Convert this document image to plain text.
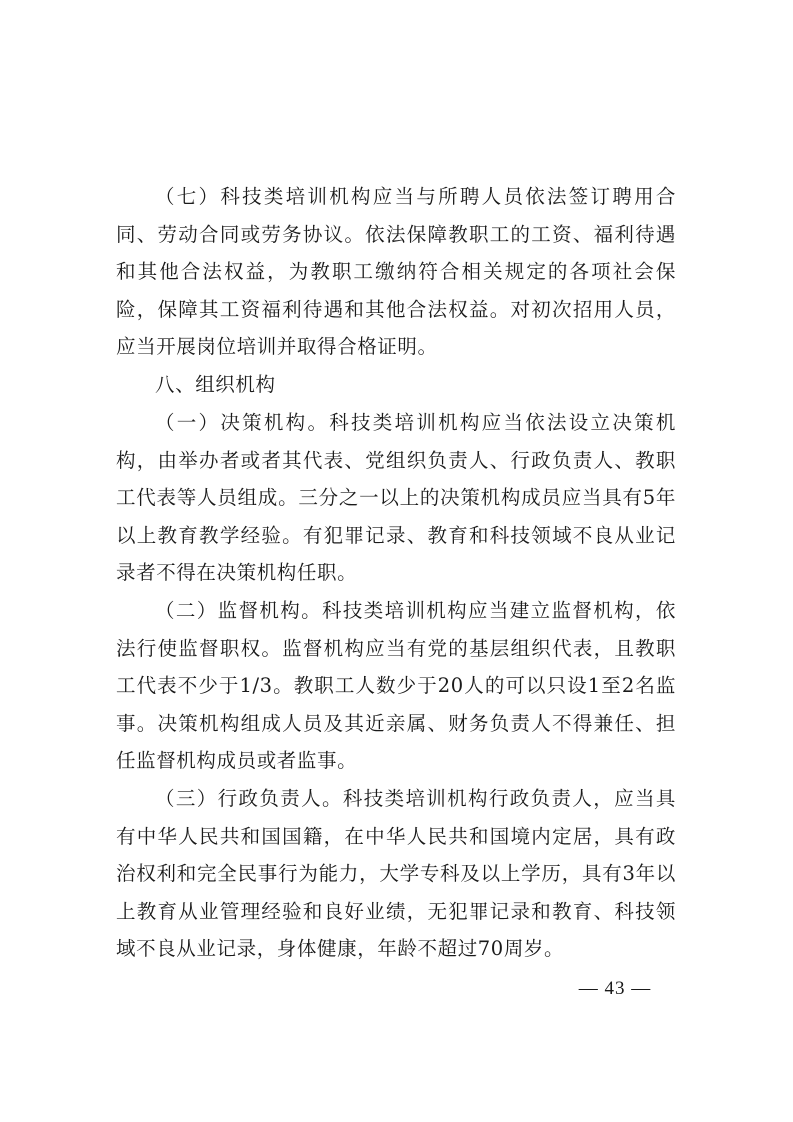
（七）科技类培训机构应当与所聘人员依法签订聘用合同、劳动合同或劳务协议。依法保障教职工的工资、福利待遇和其他合法权益，为教职工缴纳符合相关规定的各项社会保险，保障其工资福利待遇和其他合法权益。对初次招用人员，应当开展岗位培训并取得合格证明。

八、组织机构

（一）决策机构。科技类培训机构应当依法设立决策机构，由举办者或者其代表、党组织负责人、行政负责人、教职工代表等人员组成。三分之一以上的决策机构成员应当具有5年以上教育教学经验。有犯罪记录、教育和科技领域不良从业记录者不得在决策机构任职。

（二）监督机构。科技类培训机构应当建立监督机构，依法行使监督职权。监督机构应当有党的基层组织代表，且教职工代表不少于1/3。教职工人数少于20人的可以只设1至2名监事。决策机构组成人员及其近亲属、财务负责人不得兼任、担任监督机构成员或者监事。

（三）行政负责人。科技类培训机构行政负责人，应当具有中华人民共和国国籍，在中华人民共和国境内定居，具有政治权利和完全民事行为能力，大学专科及以上学历，具有3年以上教育从业管理经验和良好业绩，无犯罪记录和教育、科技领域不良从业记录，身体健康，年龄不超过70周岁。

— 43 —
